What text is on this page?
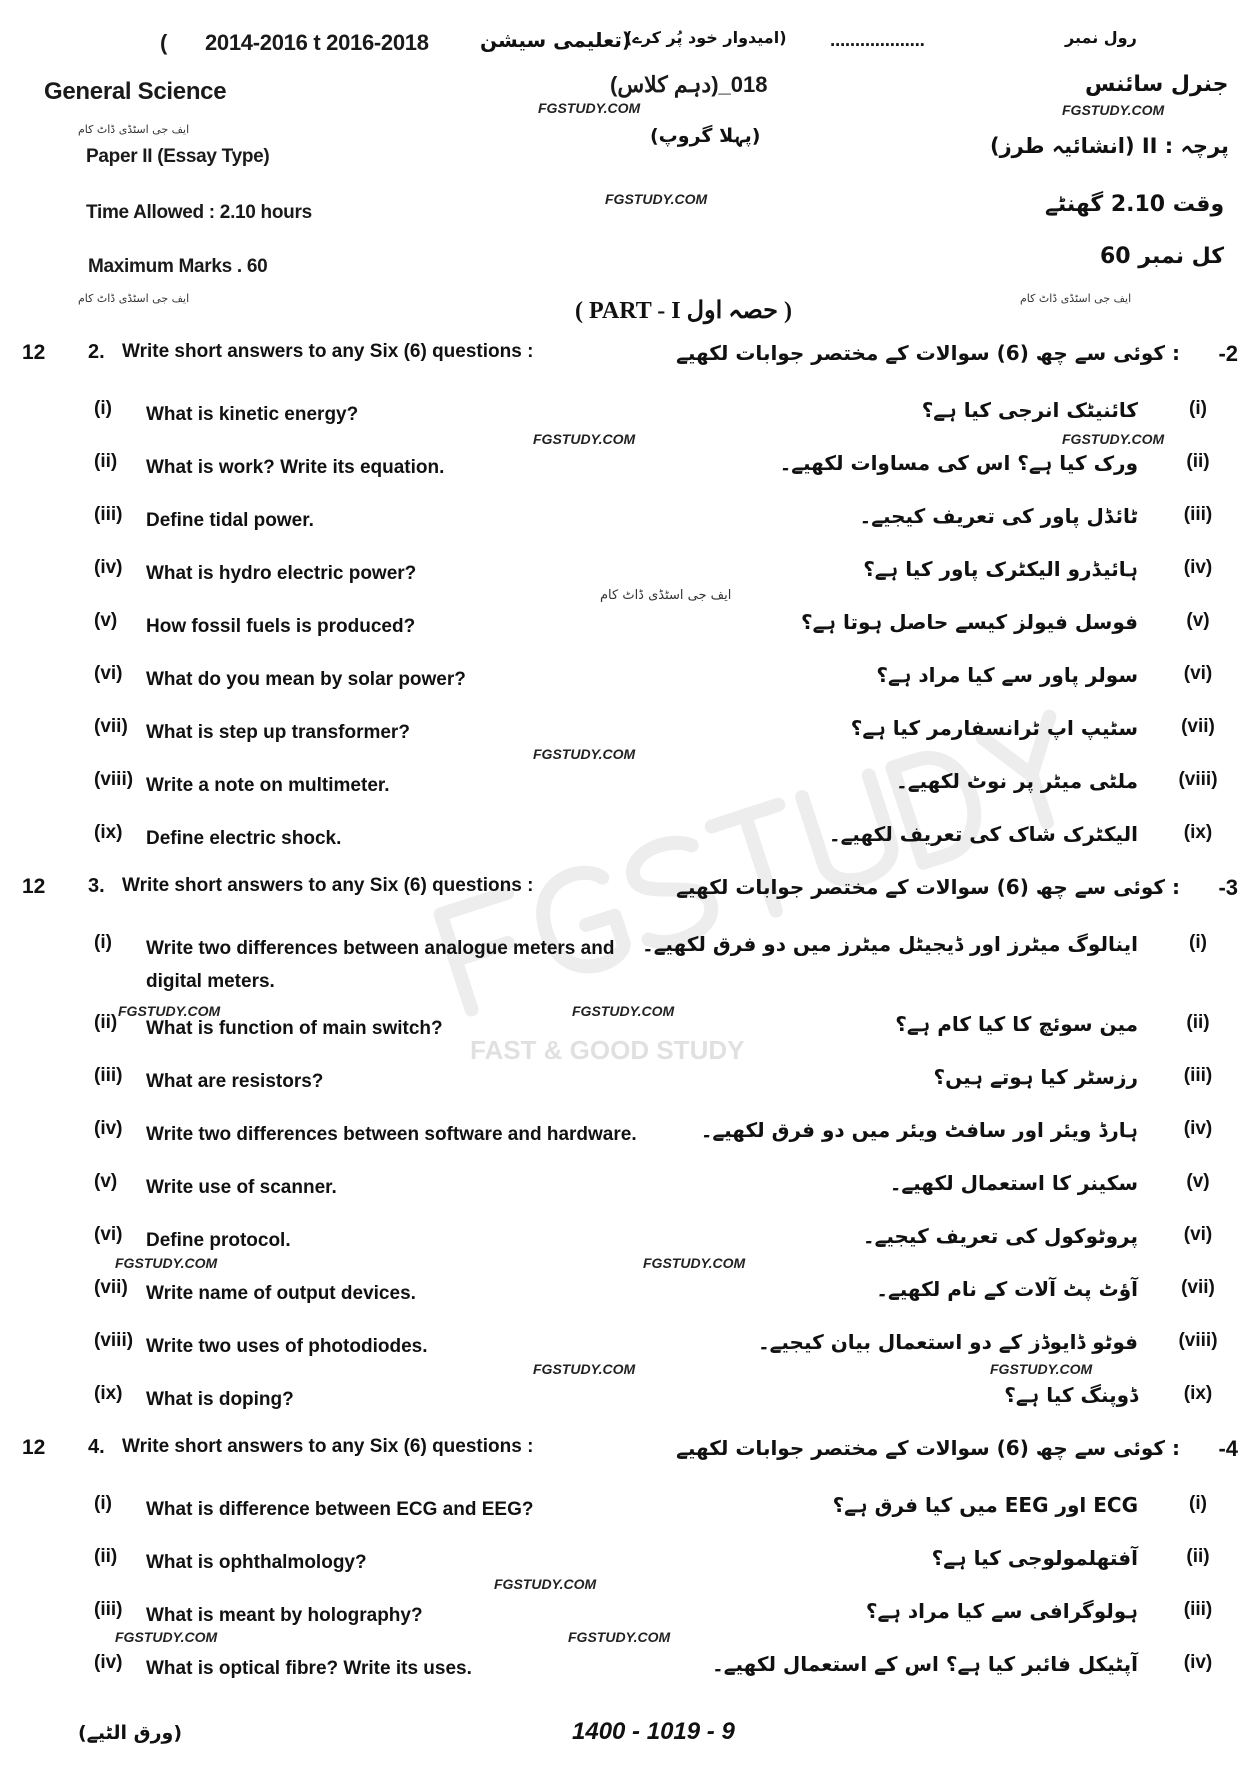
( 2014-2016 t 2016-2018	(تعلیمی سیشن
(امیدوار خود پُر کرے) ...................	رول نمبر
General Science	018_(دہم کلاس)	جنرل سائنس
FGSTUDY.COM	FGSTUDY.COM
ایف جی اسٹڈی ڈاٹ کام	(پہلا گروپ)
Paper II (Essay Type)	پرچہ : II (انشائیہ طرز)
FGSTUDY.COM
Time Allowed : 2.10 hours	وقت 2.10 گھنٹے
Maximum Marks . 60	کل نمبر 60
ایف جی اسٹڈی ڈاٹ کام	ایف جی اسٹڈی ڈاٹ کام
( PART - I حصہ اول )
FAST & GOOD STUDY
12 2. Write short answers to any Six (6) questions :	: کوئی سے چھ (6) سوالات کے مختصر جوابات لکھیے -2
(i)	What is kinetic energy?	کائنیٹک انرجی کیا ہے؟	(i)
(ii)	What is work? Write its equation.	ورک کیا ہے؟ اس کی مساوات لکھیے۔	(ii)
(iii)	Define tidal power.	ٹائڈل پاور کی تعریف کیجیے۔	(iii)
(iv)	What is hydro electric power?	ہائیڈرو الیکٹرک پاور کیا ہے؟	(iv)
(v)	How fossil fuels is produced?	فوسل فیولز کیسے حاصل ہوتا ہے؟	(v)
(vi)	What do you mean by solar power?	سولر پاور سے کیا مراد ہے؟	(vi)
(vii) What is step up transformer?	سٹیپ اپ ٹرانسفارمر کیا ہے؟	(vii)
(viii) Write a note on multimeter.	ملٹی میٹر پر نوٹ لکھیے۔	(viii)
(ix)	Define electric shock.	الیکٹرک شاک کی تعریف لکھیے۔	(ix)
12 3. Write short answers to any Six (6) questions :	: کوئی سے چھ (6) سوالات کے مختصر جوابات لکھیے -3
(i)	Write two differences between analogue meters and digital meters.
اینالوگ میٹرز اور ڈیجیٹل میٹرز میں دو فرق لکھیے۔	(i)
(ii)	What is function of main switch?	مین سوئچ کا کیا کام ہے؟	(ii)
(iii)	What are resistors?	رزسٹر کیا ہوتے ہیں؟	(iii)
(iv)	Write two differences between software and hardware.	ہارڈ ویئر اور سافٹ ویئر میں دو فرق لکھیے۔	(iv)
(v)	Write use of scanner.	سکینر کا استعمال لکھیے۔	(v)
(vi)	Define protocol.	پروٹوکول کی تعریف کیجیے۔	(vi)
(vii) Write name of output devices.	آؤٹ پٹ آلات کے نام لکھیے۔	(vii)
(viii) Write two uses of photodiodes.	فوٹو ڈایوڈز کے دو استعمال بیان کیجیے۔	(viii)
(ix)	What is doping?	ڈوپنگ کیا ہے؟	(ix)
12 4. Write short answers to any Six (6) questions :	: کوئی سے چھ (6) سوالات کے مختصر جوابات لکھیے -4
(i)	What is difference between ECG and EEG?	ECG اور EEG میں کیا فرق ہے؟	(i)
(ii)	What is ophthalmology?	آفتھلمولوجی کیا ہے؟	(ii)
(iii)	What is meant by holography?	ہولوگرافی سے کیا مراد ہے؟	(iii)
(iv)	What is optical fibre? Write its uses.	آپٹیکل فائبر کیا ہے؟ اس کے استعمال لکھیے۔	(iv)
FGSTUDY.COM	FGSTUDY.COM
ایف جی اسٹڈی ڈاٹ کام
FGSTUDY.COM
FGSTUDY.COM	FGSTUDY.COM
FGSTUDY.COM	FGSTUDY.COM
FGSTUDY.COM	FGSTUDY.COM
FGSTUDY.COM
FGSTUDY.COM	FGSTUDY.COM
(ورق الٹیے)	9 - 1019 - 1400
